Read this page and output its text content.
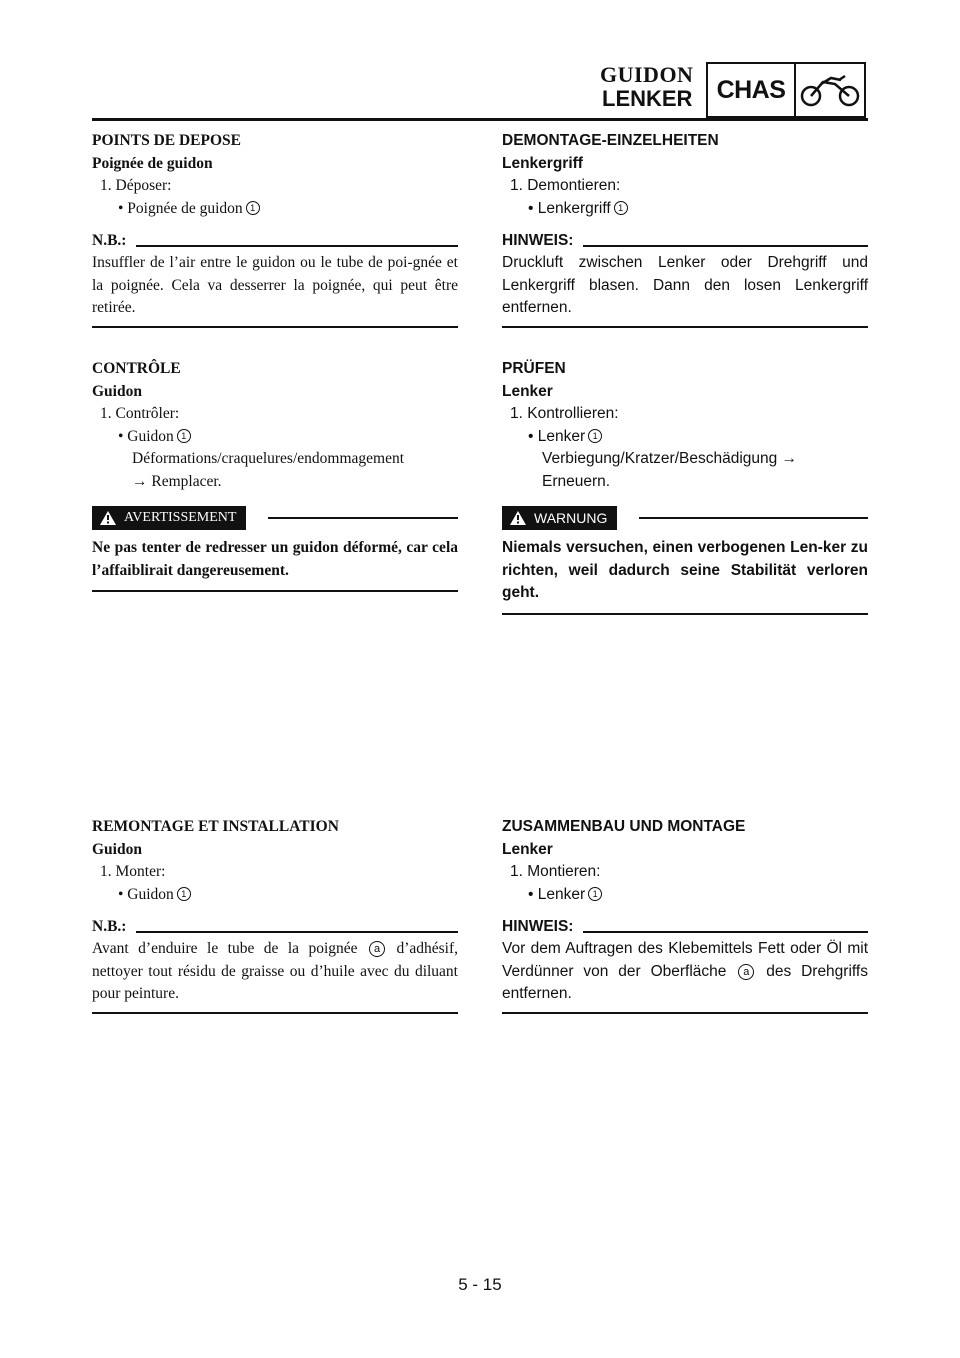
GUIDON
LENKER CHAS
POINTS DE DEPOSE
Poignée de guidon
1. Déposer:
• Poignée de guidon 1
N.B.:
Insuffler de l’air entre le guidon ou le tube de poi-gnée et la poignée. Cela va desserrer la poignée, qui peut être retirée.
DEMONTAGE-EINZELHEITEN
Lenkergriff
1. Demontieren:
• Lenkergriff 1
HINWEIS:
Druckluft zwischen Lenker oder Drehgriff und Lenkergriff blasen. Dann den losen Lenkergriff entfernen.
CONTRÔLE
Guidon
1. Contrôler:
• Guidon 1
Déformations/craquelures/endommagement
→ Remplacer.
AVERTISSEMENT
Ne pas tenter de redresser un guidon déformé, car cela l’affaiblirait dangereusement.
PRÜFEN
Lenker
1. Kontrollieren:
• Lenker 1
Verbiegung/Kratzer/Beschädigung →
Erneuern.
WARNUNG
Niemals versuchen, einen verbogenen Len-ker zu richten, weil dadurch seine Stabilität verloren geht.
REMONTAGE ET INSTALLATION
Guidon
1. Monter:
• Guidon 1
N.B.:
Avant d’enduire le tube de la poignée a d’adhésif, nettoyer tout résidu de graisse ou d’huile avec du diluant pour peinture.
ZUSAMMENBAU UND MONTAGE
Lenker
1. Montieren:
• Lenker 1
HINWEIS:
Vor dem Auftragen des Klebemittels Fett oder Öl mit Verdünner von der Oberfläche a des Drehgriffs entfernen.
5 - 15
